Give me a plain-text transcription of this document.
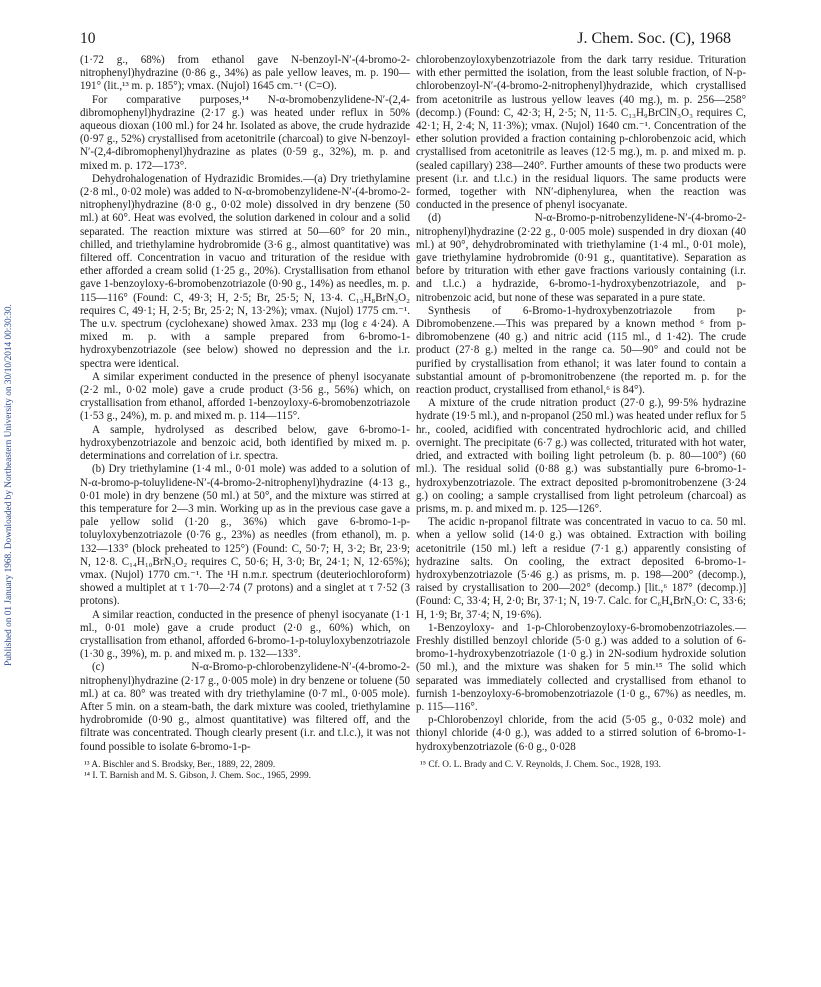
Published on 01 January 1968. Downloaded by Northeastern University on 30/10/2014 00:30:30.
10	J. Chem. Soc. (C), 1968

(1·72 g., 68%) from ethanol gave N-benzoyl-N′-(4-bromo-2-nitrophenyl)hydrazine (0·86 g., 34%) as pale yellow leaves, m. p. 190—191° (lit.,¹³ m. p. 185°); νmax. (Nujol) 1645 cm.⁻¹ (C=O).

For comparative purposes,¹⁴ N-α-bromobenzylidene-N′-(2,4-dibromophenyl)hydrazine (2·17 g.) was heated under reflux in 50% aqueous dioxan (100 ml.) for 24 hr. Isolated as above, the crude hydrazide (0·97 g., 52%) crystallised from acetonitrile (charcoal) to give N-benzoyl-N′-(2,4-dibromophenyl)hydrazine as plates (0·59 g., 32%), m. p. and mixed m. p. 172—173°.

Dehydrohalogenation of Hydrazidic Bromides.—(a) Dry triethylamine (2·8 ml., 0·02 mole) was added to N-α-bromobenzylidene-N′-(4-bromo-2-nitrophenyl)hydrazine (8·0 g., 0·02 mole) dissolved in dry benzene (50 ml.) at 60°. Heat was evolved, the solution darkened in colour and a solid separated. The reaction mixture was stirred at 50—60° for 20 min., chilled, and triethylamine hydrobromide (3·6 g., almost quantitative) was filtered off. Concentration in vacuo and trituration of the residue with ether afforded a cream solid (1·25 g., 20%). Crystallisation from ethanol gave 1-benzoyloxy-6-bromobenzotriazole (0·90 g., 14%) as needles, m. p. 115—116° (Found: C, 49·3; H, 2·5; Br, 25·5; N, 13·4. C₁₃H₈BrN₃O₂ requires C, 49·1; H, 2·5; Br, 25·2; N, 13·2%); νmax. (Nujol) 1775 cm.⁻¹. The u.v. spectrum (cyclohexane) showed λmax. 233 mμ (log ε 4·24). A mixed m. p. with a sample prepared from 6-bromo-1-hydroxybenzotriazole (see below) showed no depression and the i.r. spectra were identical.

A similar experiment conducted in the presence of phenyl isocyanate (2·2 ml., 0·02 mole) gave a crude product (3·56 g., 56%) which, on crystallisation from ethanol, afforded 1-benzoyloxy-6-bromobenzotriazole (1·53 g., 24%), m. p. and mixed m. p. 114—115°.

A sample, hydrolysed as described below, gave 6-bromo-1-hydroxybenzotriazole and benzoic acid, both identified by mixed m. p. determinations and correlation of i.r. spectra.

(b) Dry triethylamine (1·4 ml., 0·01 mole) was added to a solution of N-α-bromo-p-toluylidene-N′-(4-bromo-2-nitrophenyl)hydrazine (4·13 g., 0·01 mole) in dry benzene (50 ml.) at 50°, and the mixture was stirred at this temperature for 2—3 min. Working up as in the previous case gave a pale yellow solid (1·20 g., 36%) which gave 6-bromo-1-p-toluyloxybenzotriazole (0·76 g., 23%) as needles (from ethanol), m. p. 132—133° (block preheated to 125°) (Found: C, 50·7; H, 3·2; Br, 23·9; N, 12·8. C₁₄H₁₀BrN₃O₂ requires C, 50·6; H, 3·0; Br, 24·1; N, 12·65%); νmax. (Nujol) 1770 cm.⁻¹. The ¹H n.m.r. spectrum (deuteriochloroform) showed a multiplet at τ 1·70—2·74 (7 protons) and a singlet at τ 7·52 (3 protons).

A similar reaction, conducted in the presence of phenyl isocyanate (1·1 ml., 0·01 mole) gave a crude product (2·0 g., 60%) which, on crystallisation from ethanol, afforded 6-bromo-1-p-toluyloxybenzotriazole (1·30 g., 39%), m. p. and mixed m. p. 132—133°.

(c) N-α-Bromo-p-chlorobenzylidene-N′-(4-bromo-2-nitrophenyl)hydrazine (2·17 g., 0·005 mole) in dry benzene or toluene (50 ml.) at ca. 80° was treated with dry triethylamine (0·7 ml., 0·005 mole). After 5 min. on a steam-bath, the dark mixture was cooled, triethylamine hydrobromide (0·90 g., almost quantitative) was filtered off, and the filtrate was concentrated. Though clearly present (i.r. and t.l.c.), it was not found possible to isolate 6-bromo-1-p-

¹³ A. Bischler and S. Brodsky, Ber., 1889, 22, 2809.

¹⁴ I. T. Barnish and M. S. Gibson, J. Chem. Soc., 1965, 2999.

chlorobenzoyloxybenzotriazole from the dark tarry residue. Trituration with ether permitted the isolation, from the least soluble fraction, of N-p-chlorobenzoyl-N′-(4-bromo-2-nitrophenyl)hydrazide, which crystallised from acetonitrile as lustrous yellow leaves (40 mg.), m. p. 256—258° (decomp.) (Found: C, 42·3; H, 2·5; N, 11·5. C₁₃H₉BrClN₃O₃ requires C, 42·1; H, 2·4; N, 11·3%); νmax. (Nujol) 1640 cm.⁻¹. Concentration of the ether solution provided a fraction containing p-chlorobenzoic acid, which crystallised from acetonitrile as leaves (12·5 mg.), m. p. and mixed m. p. (sealed capillary) 238—240°. Further amounts of these two products were present (i.r. and t.l.c.) in the residual liquors. The same products were formed, together with NN′-diphenylurea, when the reaction was conducted in the presence of phenyl isocyanate.

(d) N-α-Bromo-p-nitrobenzylidene-N′-(4-bromo-2-nitrophenyl)hydrazine (2·22 g., 0·005 mole) suspended in dry dioxan (40 ml.) at 90°, dehydrobrominated with triethylamine (1·4 ml., 0·01 mole), gave triethylamine hydrobromide (0·91 g., quantitative). Separation as before by trituration with ether gave fractions variously containing (i.r. and t.l.c.) a hydrazide, 6-bromo-1-hydroxybenzotriazole, and p-nitrobenzoic acid, but none of these was separated in a pure state.

Synthesis of 6-Bromo-1-hydroxybenzotriazole from p-Dibromobenzene.—This was prepared by a known method ⁶ from p-dibromobenzene (40 g.) and nitric acid (115 ml., d 1·42). The crude product (27·8 g.) melted in the range ca. 50—90° and could not be purified by crystallisation from ethanol; it was later found to contain a substantial amount of p-bromonitrobenzene (the reported m. p. for the reaction product, crystallised from ethanol,⁶ is 84°).

A mixture of the crude nitration product (27·0 g.), 99·5% hydrazine hydrate (19·5 ml.), and n-propanol (250 ml.) was heated under reflux for 5 hr., cooled, acidified with concentrated hydrochloric acid, and chilled overnight. The precipitate (6·7 g.) was collected, triturated with hot water, dried, and extracted with boiling light petroleum (b. p. 80—100°) (60 ml.). The residual solid (0·88 g.) was substantially pure 6-bromo-1-hydroxybenzotriazole. The extract deposited p-bromonitrobenzene (3·24 g.) on cooling; a sample crystallised from light petroleum (charcoal) as prisms, m. p. and mixed m. p. 125—126°.

The acidic n-propanol filtrate was concentrated in vacuo to ca. 50 ml. when a yellow solid (14·0 g.) was obtained. Extraction with boiling acetonitrile (150 ml.) left a residue (7·1 g.) apparently consisting of hydrazine salts. On cooling, the extract deposited 6-bromo-1-hydroxybenzotriazole (5·46 g.) as prisms, m. p. 198—200° (decomp.), raised by crystallisation to 200—202° (decomp.) [lit.,⁶ 187° (decomp.)] (Found: C, 33·4; H, 2·0; Br, 37·1; N, 19·7. Calc. for C₆H₄BrN₃O: C, 33·6; H, 1·9; Br, 37·4; N, 19·6%).

1-Benzoyloxy- and 1-p-Chlorobenzoyloxy-6-bromobenzotriazoles.—Freshly distilled benzoyl chloride (5·0 g.) was added to a solution of 6-bromo-1-hydroxybenzotriazole (1·0 g.) in 2N-sodium hydroxide solution (50 ml.), and the mixture was shaken for 5 min.¹⁵ The solid which separated was immediately collected and crystallised from ethanol to furnish 1-benzoyloxy-6-bromobenzotriazole (1·0 g., 67%) as needles, m. p. 115—116°.

p-Chlorobenzoyl chloride, from the acid (5·05 g., 0·032 mole) and thionyl chloride (4·0 g.), was added to a stirred solution of 6-bromo-1-hydroxybenzotriazole (6·0 g., 0·028

¹⁵ Cf. O. L. Brady and C. V. Reynolds, J. Chem. Soc., 1928, 193.
